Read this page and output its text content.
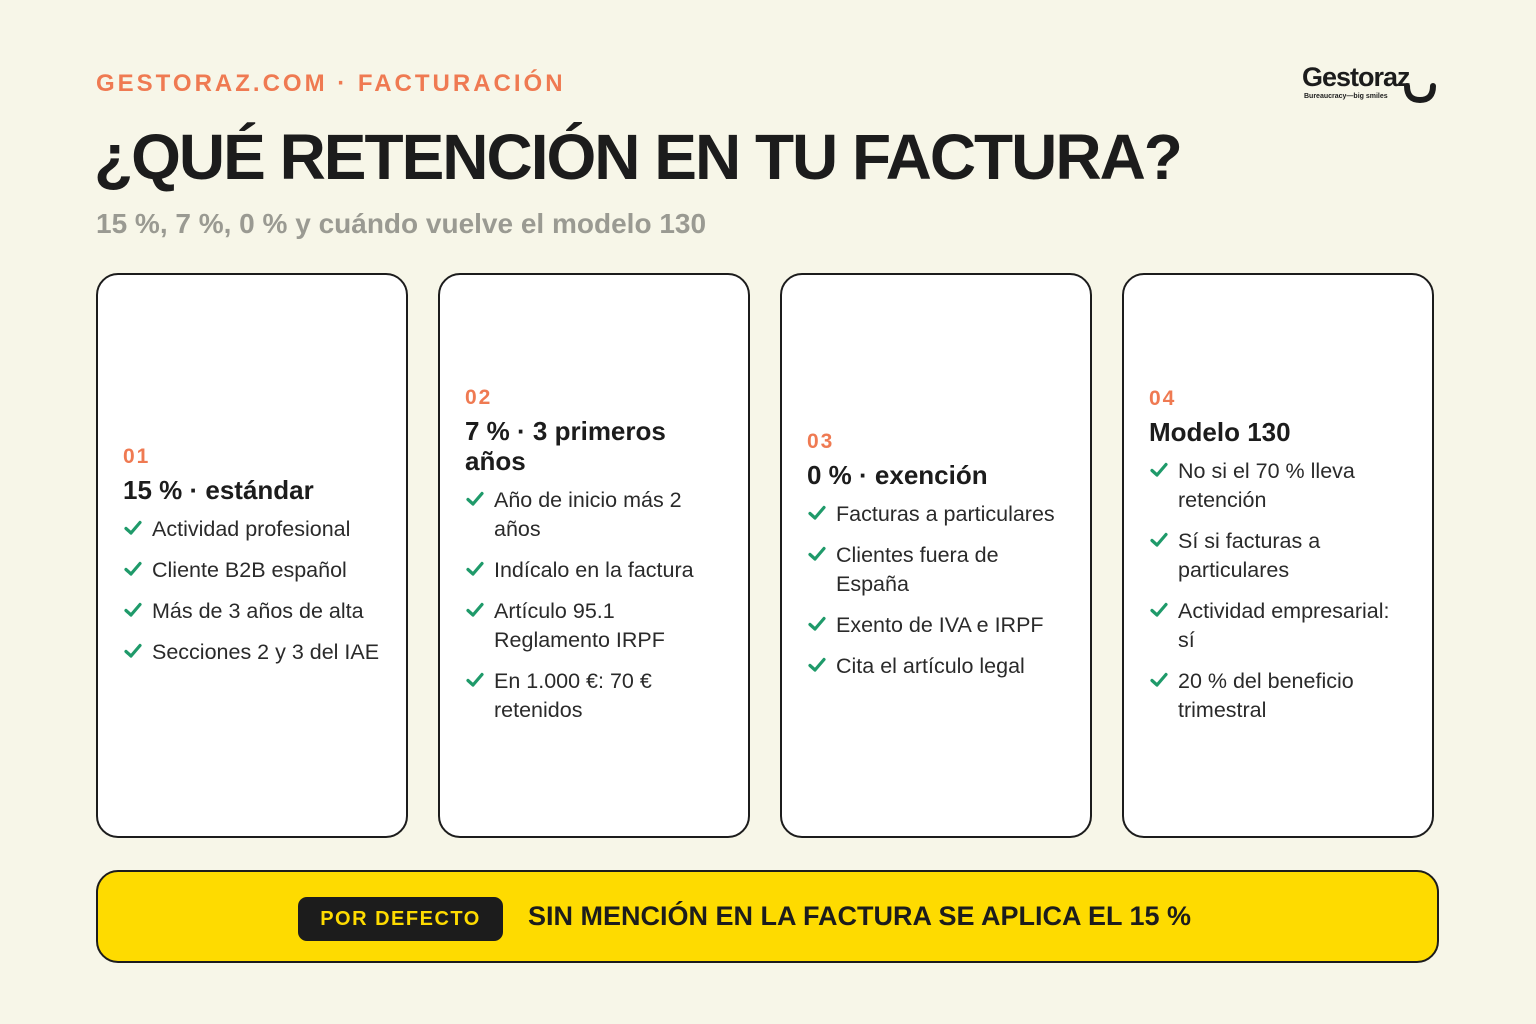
GESTORAZ.COM · FACTURACIÓN	Gestoraz
Bureaucracy—big smiles
¿QUÉ RETENCIÓN EN TU FACTURA?
15 %, 7 %, 0 % y cuándo vuelve el modelo 130
01
15 % · estándar
Actividad profesional
Cliente B2B español
Más de 3 años de alta
Secciones 2 y 3 del IAE
02
7 % · 3 primeros años
Año de inicio más 2 años
Indícalo en la factura
Artículo 95.1 Reglamento IRPF
En 1.000 €: 70 € retenidos
03
0 % · exención
Facturas a particulares
Clientes fuera de España
Exento de IVA e IRPF
Cita el artículo legal
04
Modelo 130
No si el 70 % lleva retención
Sí si facturas a particulares
Actividad empresarial: sí
20 % del beneficio trimestral
POR DEFECTO	SIN MENCIÓN EN LA FACTURA SE APLICA EL 15 %
